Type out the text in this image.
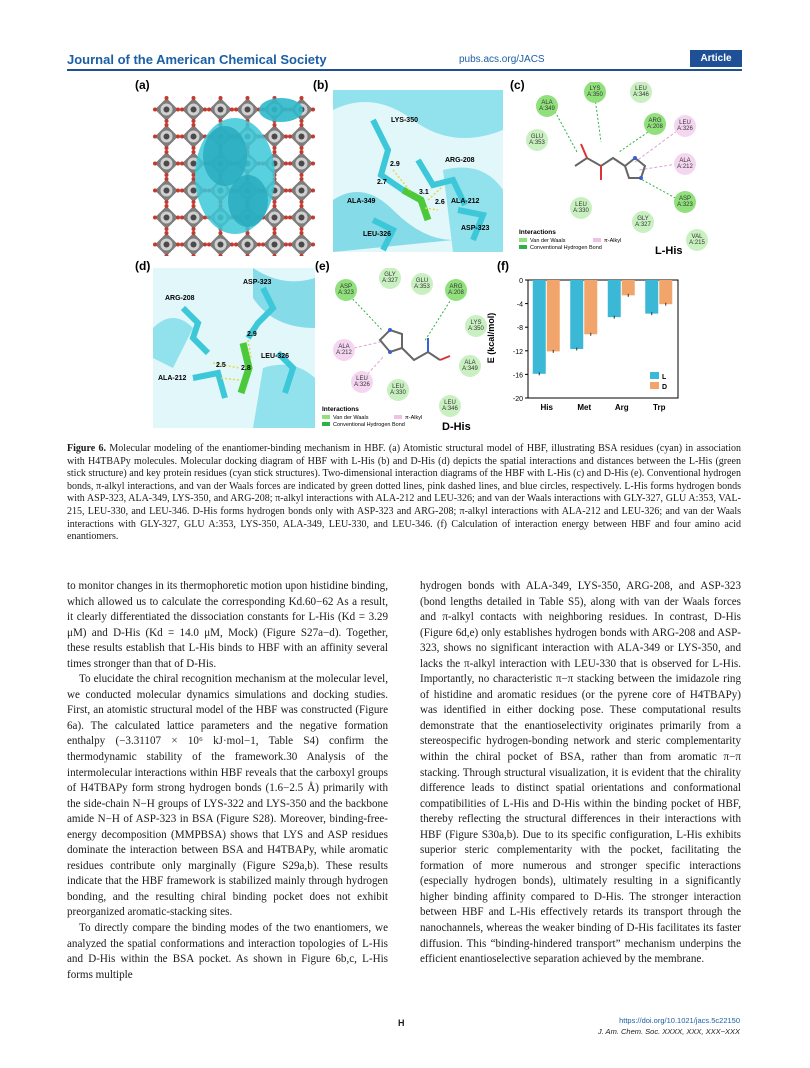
Journal of the American Chemical Society	pubs.acs.org/JACS	Article
(a)	(b)
LYS-350
ARG-208
2.9
2.7
3.1
2.6
ALA-349	ALA-212
LEU-326
ASP-323
(c)
ALA A:349
LYS A:350
LEU A:346
ARG A:208
LEU A:326
GLU A:353
ALA A:212
LEU A:330
ASP A:323
GLY A:327
VAL A:215
Interactions
Van der Waals	π-Alkyl
Conventional Hydrogen Bond	L-His
(d)
ASP-323
ARG-208
2.9
LEU-326
2.5 2.8
ALA-212
(e)
GLY A:327
ASP A:323
GLU A:353	ARG A:208
LYS A:350
ALA A:212
ALA A:349
LEU A:326	LEU A:330
LEU A:346
Interactions
Van der Waals	π-Alkyl
Conventional Hydrogen Bond	D-His
(f)
E (kcal/mol)
0
-4
-8
-12
-16
-20
His	Met	Arg	Trp
L
D
Figure 6. Molecular modeling of the enantiomer-binding mechanism in HBF. (a) Atomistic structural model of HBF, illustrating BSA residues (cyan) in association with H4TBAPy molecules. Molecular docking diagram of HBF with L-His (b) and D-His (d) depicts the spatial interactions and distances between the L-His (green stick structure) and key protein residues (cyan stick structures). Two-dimensional interaction diagrams of the HBF with L-His (c) and D-His (e). Conventional hydrogen bonds, π-alkyl interactions, and van der Waals forces are indicated by green dotted lines, pink dashed lines, and blue circles, respectively. L-His forms hydrogen bonds with ASP-323, ALA-349, LYS-350, and ARG-208; π-alkyl interactions with ALA-212 and LEU-326; and van der Waals interactions with GLY-327, GLU A:353, VAL-215, LEU-330, and LEU-346. D-His forms hydrogen bonds only with ASP-323 and ARG-208; π-alkyl interactions with ALA-212 and LEU-326; and van der Waals interactions with GLY-327, GLU A:353, LYS-350, ALA-349, LEU-330, and LEU-346. (f) Calculation of interaction energy between HBF and four amino acid enantiomers.

to monitor changes in its thermophoretic motion upon histidine binding, which allowed us to calculate the corresponding Kd.60−62 As a result, it clearly differentiated the dissociation constants for L-His (Kd = 3.29 μM) and D-His (Kd = 14.0 μM, Mock) (Figure S27a−d). Together, these results establish that L-His binds to HBF with an affinity several times stronger than that of D-His.

To elucidate the chiral recognition mechanism at the molecular level, we conducted molecular dynamics simulations and docking studies. First, an atomistic structural model of the HBF was constructed (Figure 6a). The calculated lattice parameters and the negative formation enthalpy (−3.31107 × 10⁶ kJ·mol−1, Table S4) confirm the thermodynamic stability of the framework.30 Analysis of the intermolecular interactions within HBF reveals that the carboxyl groups of H4TBAPy form strong hydrogen bonds (1.6−2.5 Å) primarily with the side-chain N−H groups of LYS-322 and LYS-350 and the backbone amide N−H of ASP-323 in BSA (Figure S28). Moreover, binding-free-energy decomposition (MMPBSA) shows that LYS and ASP residues dominate the interaction between BSA and H4TBAPy, while aromatic residues contribute only marginally (Figure S29a,b). These results indicate that the HBF framework is stabilized mainly through hydrogen bonding, and the resulting chiral binding pocket does not exhibit preorganized aromatic-stacking sites.

To directly compare the binding modes of the two enantiomers, we analyzed the spatial conformations and interaction topologies of L-His and D-His within the BSA pocket. As shown in Figure 6b,c, L-His forms multiple

hydrogen bonds with ALA-349, LYS-350, ARG-208, and ASP-323 (bond lengths detailed in Table S5), along with van der Waals forces and π-alkyl contacts with neighboring residues. In contrast, D-His (Figure 6d,e) only establishes hydrogen bonds with ARG-208 and ASP-323, shows no significant interaction with ALA-349 or LYS-350, and lacks the π-alkyl interaction with LEU-330 that is observed for L-His. Importantly, no characteristic π−π stacking between the imidazole ring of histidine and aromatic residues (or the pyrene core of H4TBAPy) was identified in either docking pose. These computational results demonstrate that the enantioselectivity originates primarily from a stereospecific hydrogen-bonding network and steric complementarity within the chiral pocket of BSA, rather than from aromatic π−π stacking. Through structural visualization, it is evident that the chirality difference leads to distinct spatial orientations and conformational compatibilities of L-His and D-His within the binding pocket of HBF, thereby reflecting the structural differences in their interactions with HBF (Figure S30a,b). Due to its specific configuration, L-His exhibits superior steric complementarity with the pocket, facilitating the formation of more numerous and stronger specific interactions (especially hydrogen bonds), ultimately resulting in a significantly higher binding affinity compared to D-His. The stronger interaction between HBF and L-His effectively retards its transport through the nanochannels, whereas the weaker binding of D-His facilitates its faster diffusion. This “binding-hindered transport” mechanism underpins the efficient enantioselective separation achieved by the membrane.

H	https://doi.org/10.1021/jacs.5c22150
J. Am. Chem. Soc. XXXX, XXX, XXX−XXX
